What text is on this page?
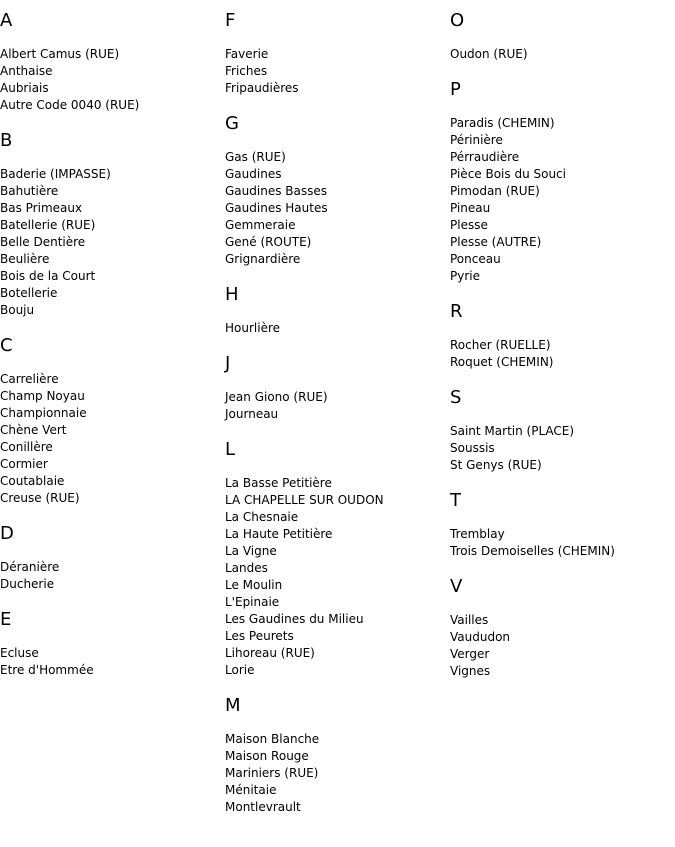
A
Albert Camus (RUE)
Anthaise
Aubriais
Autre Code 0040 (RUE)
B
Baderie (IMPASSE)
Bahutière
Bas Primeaux
Batellerie (RUE)
Belle Dentière
Beulière
Bois de la Court
Botellerie
Bouju
C
Carrelière
Champ Noyau
Championnaie
Chène Vert
Conillère
Cormier
Coutablaie
Creuse (RUE)
D
Déranière
Ducherie
E
Ecluse
Etre d'Hommée
F
Faverie
Friches
Fripaudières
G
Gas (RUE)
Gaudines
Gaudines Basses
Gaudines Hautes
Gemmeraie
Gené (ROUTE)
Grignardière
H
Hourlière
J
Jean Giono (RUE)
Journeau
L
La Basse Petitière
LA CHAPELLE SUR OUDON
La Chesnaie
La Haute Petitière
La Vigne
Landes
Le Moulin
L'Epinaie
Les Gaudines du Milieu
Les Peurets
Lihoreau (RUE)
Lorie
M
Maison Blanche
Maison Rouge
Mariniers (RUE)
Ménitaie
Montlevrault
O
Oudon (RUE)
P
Paradis (CHEMIN)
Périnière
Pérraudière
Pièce Bois du Souci
Pimodan (RUE)
Pineau
Plesse
Plesse (AUTRE)
Ponceau
Pyrie
R
Rocher (RUELLE)
Roquet (CHEMIN)
S
Saint Martin (PLACE)
Soussis
St Genys (RUE)
T
Tremblay
Trois Demoiselles (CHEMIN)
V
Vailles
Vaududon
Verger
Vignes
